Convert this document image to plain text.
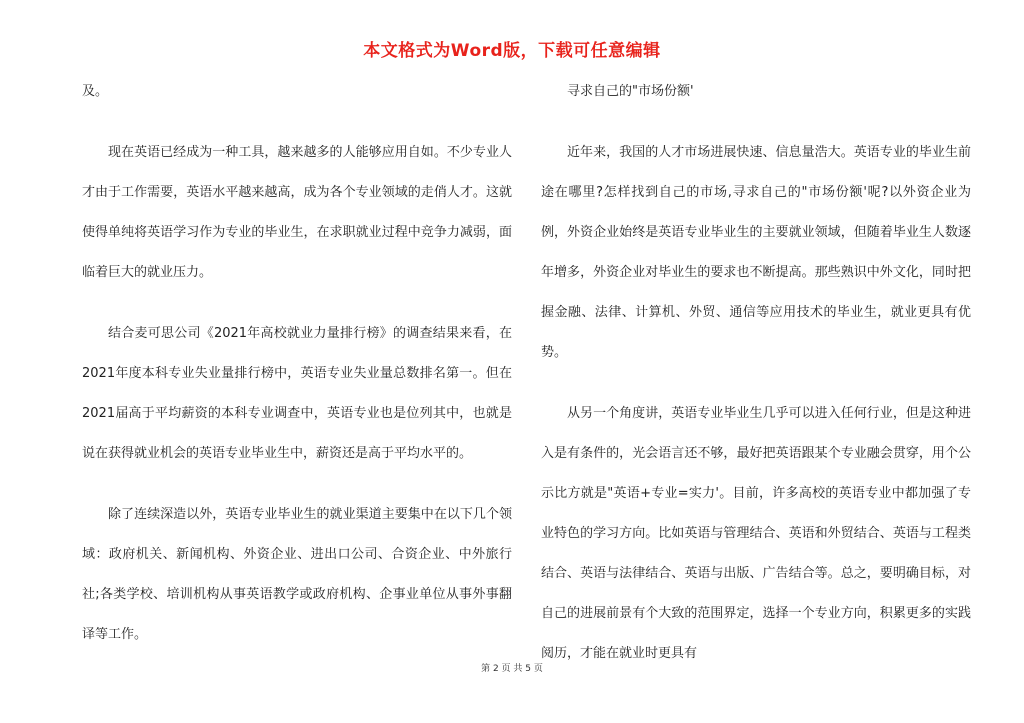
本文格式为Word版，下载可任意编辑

及。

现在英语已经成为一种工具，越来越多的人能够应用自如。不少专业人才由于工作需要，英语水平越来越高，成为各个专业领域的走俏人才。这就使得单纯将英语学习作为专业的毕业生，在求职就业过程中竞争力减弱，面临着巨大的就业压力。

结合麦可思公司《2021年高校就业力量排行榜》的调查结果来看，在2021年度本科专业失业量排行榜中，英语专业失业量总数排名第一。但在2021届高于平均薪资的本科专业调查中，英语专业也是位列其中，也就是说在获得就业机会的英语专业毕业生中，薪资还是高于平均水平的。

除了连续深造以外，英语专业毕业生的就业渠道主要集中在以下几个领域：政府机关、新闻机构、外资企业、进出口公司、合资企业、中外旅行社;各类学校、培训机构从事英语教学或政府机构、企事业单位从事外事翻译等工作。

寻求自己的"市场份额'

近年来，我国的人才市场进展快速、信息量浩大。英语专业的毕业生前途在哪里?怎样找到自己的市场,寻求自己的"市场份额'呢?以外资企业为例，外资企业始终是英语专业毕业生的主要就业领域，但随着毕业生人数逐年增多，外资企业对毕业生的要求也不断提高。那些熟识中外文化，同时把握金融、法律、计算机、外贸、通信等应用技术的毕业生，就业更具有优势。

从另一个角度讲，英语专业毕业生几乎可以进入任何行业，但是这种进入是有条件的，光会语言还不够，最好把英语跟某个专业融会贯穿，用个公示比方就是"英语+专业=实力'。目前，许多高校的英语专业中都加强了专业特色的学习方向。比如英语与管理结合、英语和外贸结合、英语与工程类结合、英语与法律结合、英语与出版、广告结合等。总之，要明确目标，对自己的进展前景有个大致的范围界定，选择一个专业方向，积累更多的实践阅历，才能在就业时更具有

第 2 页 共 5 页
